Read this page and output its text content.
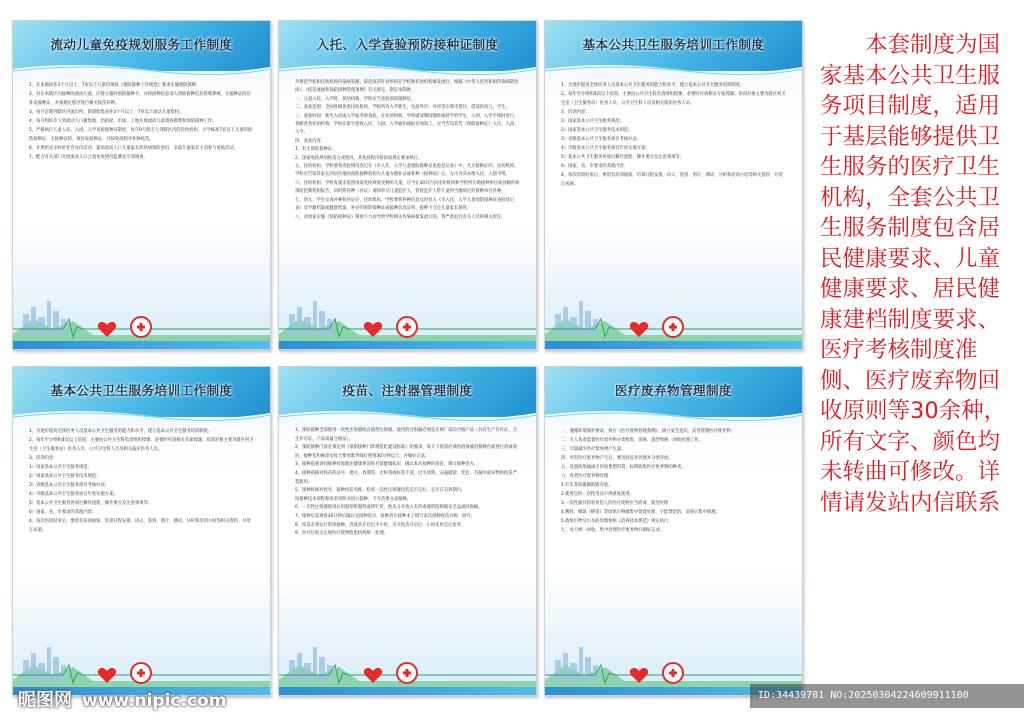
流动儿童免疫规划服务工作制度

1、在本地居住3个月以上、7岁以下儿童均须按《预防接种工作规范》要求实施预防接种。

2、对在本辖区内接种的流动儿童，应建立临时预防接种卡，并将接种信息录入预防接种信息管理系统，无接种证的应补发接种证，并按规定程序进行相关疫苗补种。

3、每月定期到辖区内流出所、街道收集居住3个月以上、7岁以下流动儿童资料。

4、每月组织专人到流动人口聚集地、出租屋、市场、工地开展流动儿童调查摸底和预防接种工作。

5、严格执行儿童入托、入园、入学查验接种证制度，每年9月派专人到辖区内的托幼机构、小学核查7岁以下儿童的预防接种证，无接种证的，须补发接种证，并按免疫程序补种疫苗。

6、开展形式多样的社会宣传活动，提高流动人口儿童家长的疾病预防意识，争取儿童家长主动参与免疫活动。

7、配合有关部门开展流动人口儿童免疫情况监测及专项调查。

入托、入学查验预防接种证制度

为规范学校和托幼机构传染病管理，防范疫苗针对疾病在学校和托幼机构暴发流行，根据《中华人民共和国传染病防治法》、《疫苗流通和预防接种管理条例》有关规定，制定本制度：

一、儿童入托、入学时，托幼机构、学校应当查验预防接种证。

二、查验范围：全国各级各类托幼机构、学校所有入学新生，包括外市、外省等在我市借住、借读的幼儿、学生。

三、查验时间：新生入托或入学报名时查验，在托幼机构、学校就读期间插班或转学的学生，入园、入学手续时进行，各级各类托幼机构、学校在新生招收入托、入园、入学通知或报名须知上，应当告知其凭《预防接种证》入托、入园、入学。

四、查验内容：

1、有无预防接种证；

2、国家免疫规划疫苗完成情况，其免疫程序按国家规定要求执行。

五、托幼机构、学校要将查验情况登记在《市入托、入学儿童预防接种证查验登记表》中，凡无接种证的，托幼机构、学校应告知其家长到居住地的预防接种机构为儿童办理补证或补种《接种证》后，方可为其办理入托、入园手续。

六、托幼机构、学校发现未依照国家免疫规划受种的儿童，应当在30日内向托幼机构和学校所在地接种单位或县级疾病预防控制机构报告，同时将补种（补证）通知单交儿童监护人，督促监护人带儿童到当地规定的接种单位补种。

七、幼儿、学生完成补种和补证后，托幼机构、学校要将补种信息及时登入《市入托、入学儿童预防接种证查验登记表》及学籍档案或健康档案，补办的预防接种证或接种信息证明、接种卡交还儿童家长保管。

八、对国家实施《预防接种证》制度不力而导致学校相关传染病暴发流行的，将严肃追究有关人员的相关责任。

基本公共卫生服务培训工作制度

1、为逐步提高全体医务人员基本公共卫生服务的能力和水平，建立基本公共卫生服务培训制度。

2、每年至少组织4次以上培训，主要由公共卫生科负责组织授课，必要时可请相关专家授课。培训对象主要为辖区村卫生室（卫生服务站）医务人员、公共卫生科人员及相关临床医务人员。

3、培训内容：

1）国家基本公共卫生服务规范；

2）国家基本公共卫生服务技术规范；

3）省级基本公共卫生服务项目考核办法；

4）市级基本公共卫生服务项目年度实施方案；

5）基本公共卫生服务各项目操作流程，操作要点及注意事项等；

6）国家、省、市要求的其他内容；

4、每次培训结束后，要留有培训通知、培训日程安排、讲义、签到、照片、测试、分析和培训小结等相关资料，并装订成册。

基本公共卫生服务培训工作制度

1、为逐步提高全体医务人员基本公共卫生服务的能力和水平，建立基本公共卫生服务培训制度。

2、每年至少组织4次以上培训，主要由公共卫生科负责组织授课，必要时可请相关专家授课。培训对象主要为辖区村卫生室（卫生服务站）医务人员、公共卫生科人员及相关临床医务人员。

3、培训内容：

1）国家基本公共卫生服务规范；

2）国家基本公共卫生服务技术规范；

3）省级基本公共卫生服务项目考核办法；

4）市级基本公共卫生服务项目年度实施方案；

5）基本公共卫生服务各项目操作流程，操作要点及注意事项等；

6）国家、省、市要求的其他内容；

4、每次培训结束后，要留有培训通知、培训日程安排、讲义、签到、照片、测试、分析和培训小结等相关资料，并装订成册。

疫苗、注射器管理制度

1、预防接种全部使用一次性注射器或自毁型注射器。使用的注射器必须是正规厂家的合格产品（具有生产许可证、卫生许可证、产品质量合格证）。

2、预防接种门诊必须达到《预防接种门诊规范化建设标准》的要求，每天下班前必须用消毒液对接种台面进行消毒清洁，接种室和候诊室每天要用紫外线灯照射30分钟以上，并做好记录。

3、接种前须询问接种对象既往健康情况和目前健康状况，确认本次接种的疫苗，填写接种处方。

4、接种前核对疫苗的品号、批号、效期等，无标签或标签不清，过失效期，安瓿破裂、变色、有凝块或异物的疫苗严禁使用。

5、接种时核对姓名、接种疫苗名称，检查一次性注射器包装是否完好，是否在有效期内。

按接种技术规程和疫苗说明书进行接种，卡介苗要分桌接种。

6、一次性注射器使用后用毁型机毁型或将针管、枕头分开放入有消毒液的防刺破安全盒或回收桶。

7、接种后需观察30分钟后确认无接种反应，接种者在接种本上填写本次接种疫苗名称、批号。

8、疫苗必须实行带冰接种，活疫苗开启后半小时，灭火疫苗开启后一小时未用完应废弃。

9、医疗垃圾交正规医疗废物收集机构统一处理。

医疗废弃物管理制度

一、遵循环境保护要求，执行《医疗废物管理条例》，树立安全意识，妥善管理医疗废弃物。

二、专人负责监督医疗废弃物分类收集、消毒、毁型和统一回收处理工作。

三、尽量减少医疗废弃物产生量。

四、所有医疗废弃物产生后，要及时妥善处理并分类存放。

五、设置收集桶或专用收集塑料袋，标明收集医疗废弃物的种类。

六、各类医疗废弃物处理：

1.针头等锐器做销毁存放。

2.使用过的一次性用品不得重复使用。

3.一次性器具和容易伤人的医疗废物应当消毒、毁型处理

4.敷料、棉球（棉签）等固体污物做集中焚烧处理，不能焚烧的，消毒后集中填埋。

5.液体污物及污水的处理参照《消毒技术规范》规定执行。

七、每天统一回收，集中处理医疗废弃物并做好记录。

本套制度为国家基本公共卫生服务项目制度，适用于基层能够提供卫生服务的医疗卫生机构，全套公共卫生服务制度包含居民健康要求、儿童健康要求、居民健康建档制度要求、医疗考核制度准侧、医疗废弃物回收原则等30余种，所有文字、颜色均未转曲可修改。详情请发站内信联系

昵图网 www.nipic.com	ID:34439701 NO:20250304224609911100
